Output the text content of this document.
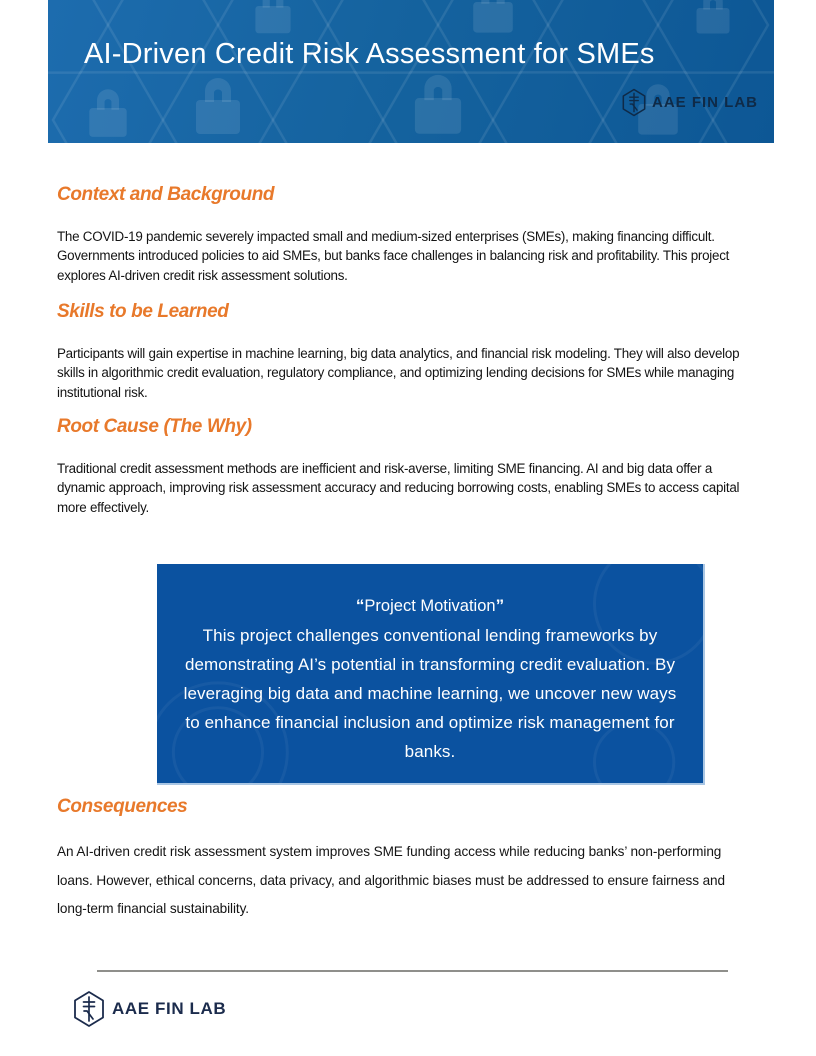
AI-Driven Credit Risk Assessment for SMEs
AAE FIN LAB
Context and Background
The COVID-19 pandemic severely impacted small and medium-sized enterprises (SMEs), making financing difficult. Governments introduced policies to aid SMEs, but banks face challenges in balancing risk and profitability. This project explores AI-driven credit risk assessment solutions.
Skills to be Learned
Participants will gain expertise in machine learning, big data analytics, and financial risk modeling. They will also develop skills in algorithmic credit evaluation, regulatory compliance, and optimizing lending decisions for SMEs while managing institutional risk.
Root Cause (The Why)
Traditional credit assessment methods are inefficient and risk-averse, limiting SME financing. AI and big data offer a dynamic approach, improving risk assessment accuracy and reducing borrowing costs, enabling SMEs to access capital more effectively.
“Project Motivation”
This project challenges conventional lending frameworks by demonstrating AI’s potential in transforming credit evaluation. By leveraging big data and machine learning, we uncover new ways to enhance financial inclusion and optimize risk management for banks.
Consequences
An AI-driven credit risk assessment system improves SME funding access while reducing banks’ non-performing loans. However, ethical concerns, data privacy, and algorithmic biases must be addressed to ensure fairness and long-term financial sustainability.
AAE FIN LAB
